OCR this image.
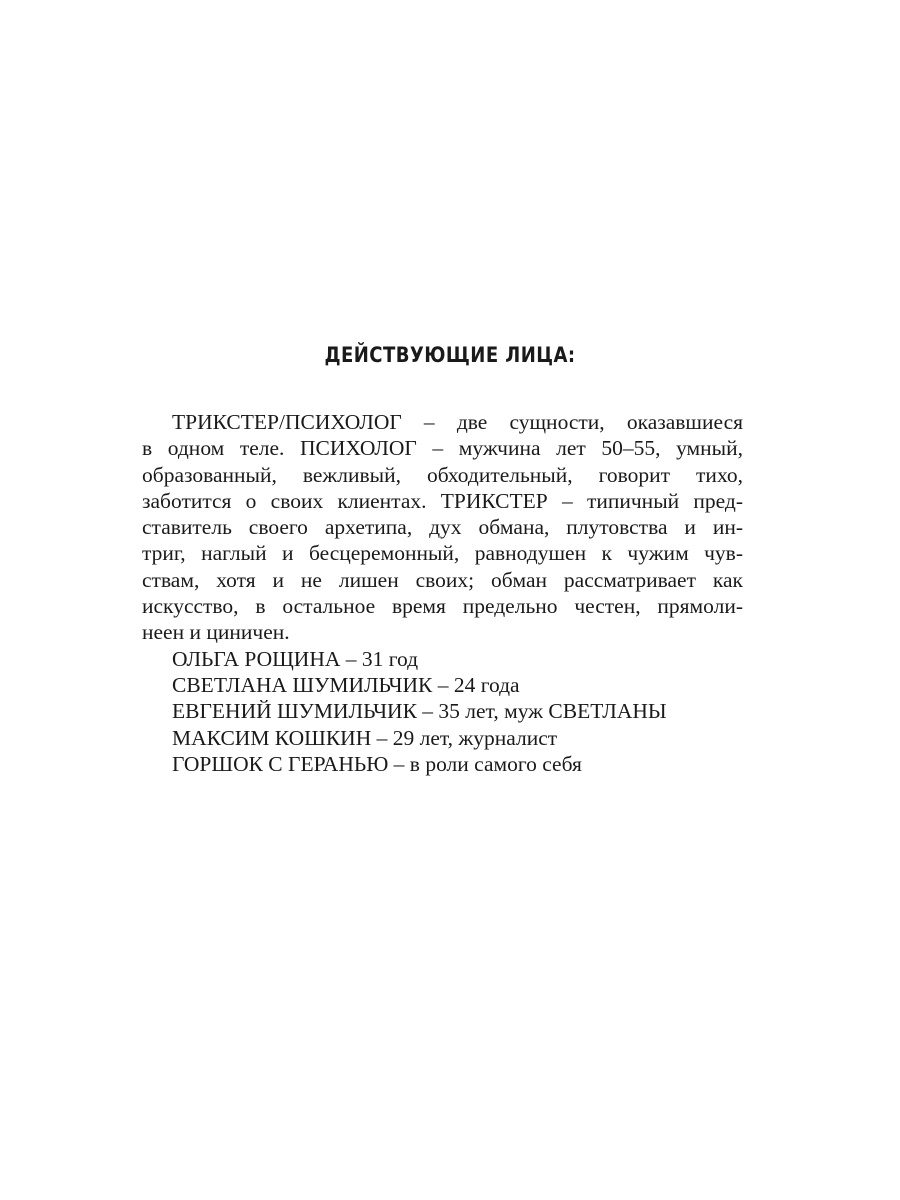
ДЕЙСТВУЮЩИЕ ЛИЦА:
ТРИКСТЕР/ПСИХОЛОГ – две сущности, оказавшиеся
в одном теле. ПСИХОЛОГ – мужчина лет 50–55, умный,
образованный, вежливый, обходительный, говорит тихо,
заботится о своих клиентах. ТРИКСТЕР – типичный пред-
ставитель своего архетипа, дух обмана, плутовства и ин-
триг, наглый и бесцеремонный, равнодушен к чужим чув-
ствам, хотя и не лишен своих; обман рассматривает как
искусство, в остальное время предельно честен, прямоли-
неен и циничен.
ОЛЬГА РОЩИНА – 31 год
СВЕТЛАНА ШУМИЛЬЧИК – 24 года
ЕВГЕНИЙ ШУМИЛЬЧИК – 35 лет, муж СВЕТЛАНЫ
МАКСИМ КОШКИН – 29 лет, журналист
ГОРШОК С ГЕРАНЬЮ – в роли самого себя
